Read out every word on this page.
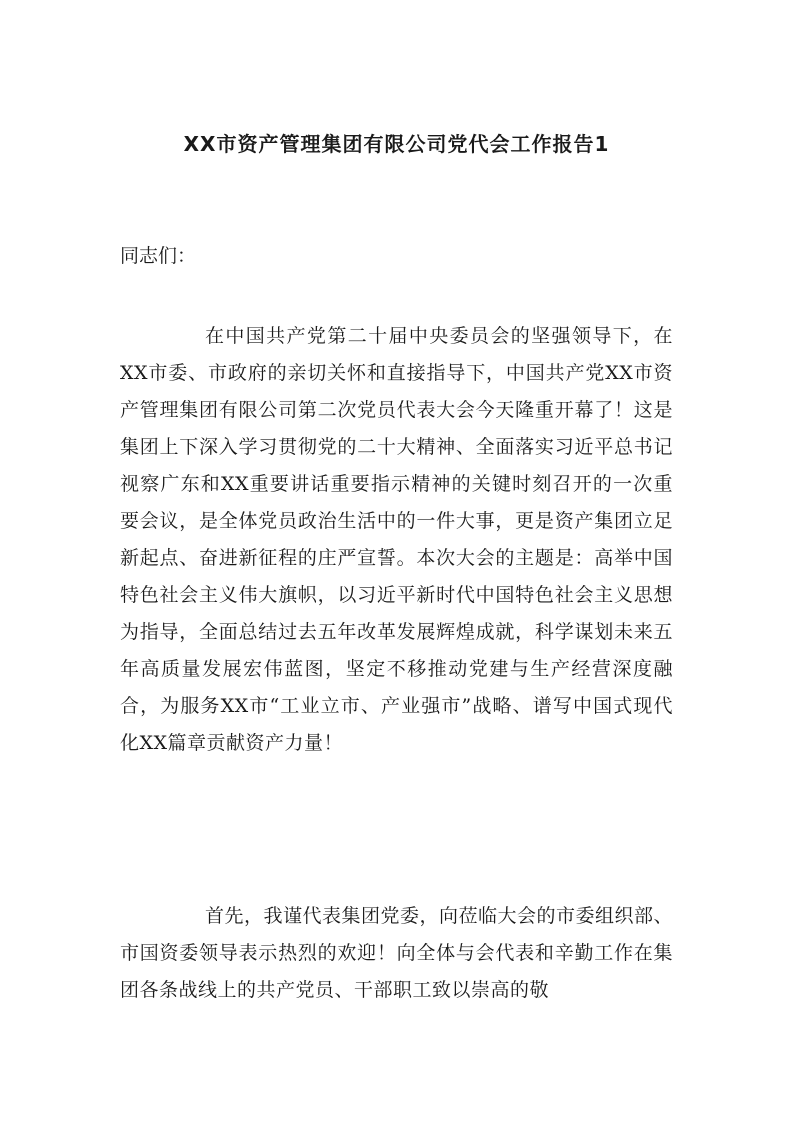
XX市资产管理集团有限公司党代会工作报告1
同志们：

在中国共产党第二十届中央委员会的坚强领导下，在XX市委、市政府的亲切关怀和直接指导下，中国共产党XX市资产管理集团有限公司第二次党员代表大会今天隆重开幕了！这是集团上下深入学习贯彻党的二十大精神、全面落实习近平总书记视察广东和XX重要讲话重要指示精神的关键时刻召开的一次重要会议，是全体党员政治生活中的一件大事，更是资产集团立足新起点、奋进新征程的庄严宣誓。本次大会的主题是：高举中国特色社会主义伟大旗帜，以习近平新时代中国特色社会主义思想为指导，全面总结过去五年改革发展辉煌成就，科学谋划未来五年高质量发展宏伟蓝图，坚定不移推动党建与生产经营深度融合，为服务XX市“工业立市、产业强市”战略、谱写中国式现代化XX篇章贡献资产力量！

首先，我谨代表集团党委，向莅临大会的市委组织部、市国资委领导表示热烈的欢迎！向全体与会代表和辛勤工作在集团各条战线上的共产党员、干部职工致以崇高的敬
